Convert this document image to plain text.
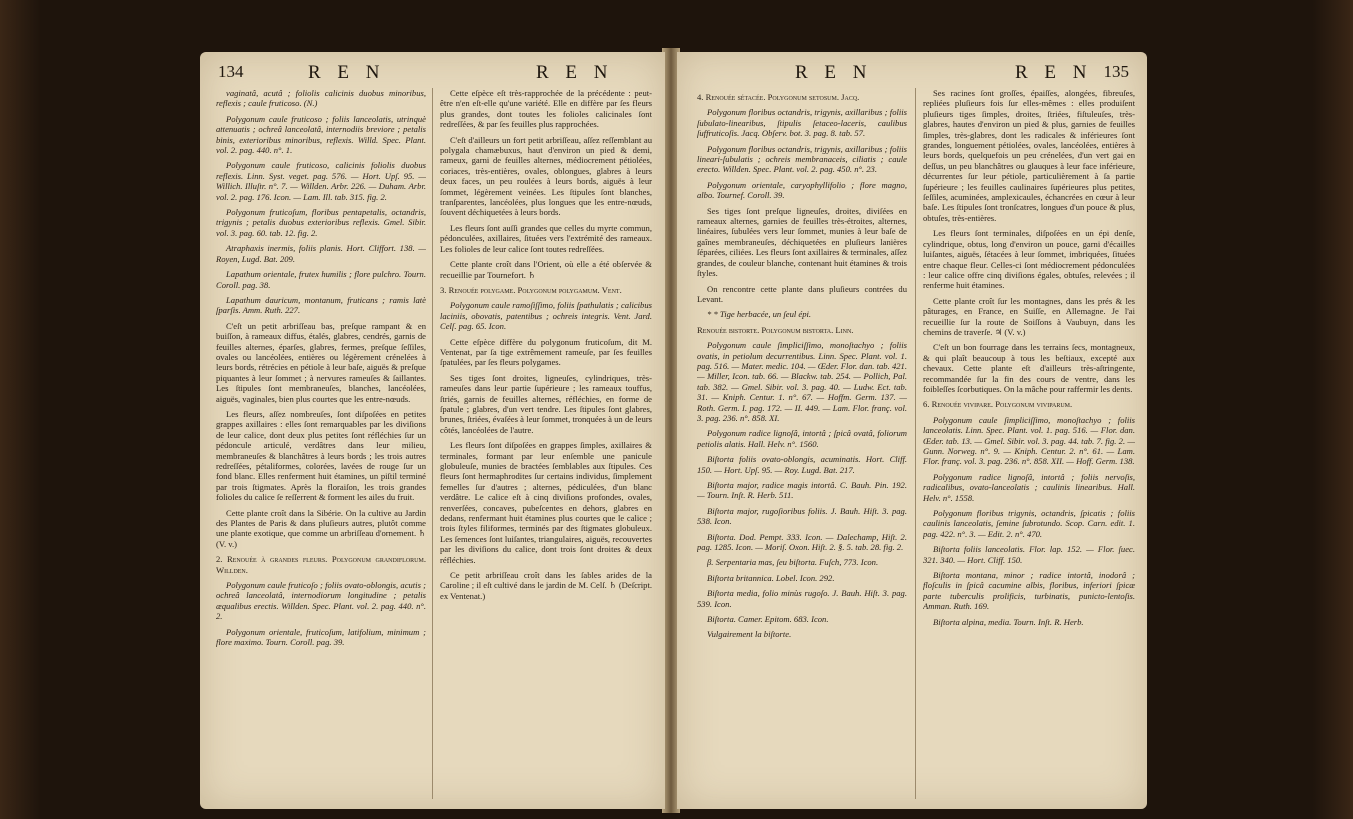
134	R E N	R E N

vaginatâ, acutâ ; foliolis calicinis duobus minoribus, reflexis ; caule fruticoso. (N.)

Polygonum caule fruticoso ; foliis lanceolatis, utrinquè attenuatis ; ochreâ lanceolatâ, internodiis breviore ; petalis binis, exterioribus minoribus, reflexis. Willd. Spec. Plant. vol. 2. pag. 440. n°. 1.

Polygonum caule fruticoso, calicinis foliolis duobus reflexis. Linn. Syst. veget. pag. 576. — Hort. Upſ. 95. — Willich. Illuſtr. n°. 7. — Willden. Arbr. 226. — Duham. Arbr. vol. 2. pag. 176. Icon. — Lam. Ill. tab. 315. fig. 2.

Polygonum fruticoſum, floribus pentapetalis, octandris, trigynis ; petalis duobus exterioribus reflexis. Gmel. Sibir. vol. 3. pag. 60. tab. 12. fig. 2.

Atraphaxis inermis, foliis planis. Hort. Cliffort. 138. — Royen, Lugd. Bat. 209.

Lapathum orientale, frutex humilis ; flore pulchro. Tourn. Coroll. pag. 38.

Lapathum dauricum, montanum, fruticans ; ramis latè ſparſis. Amm. Ruth. 227.

C'eſt un petit arbriſſeau bas, preſque rampant & en buiſſon, à rameaux diffus, étalés, glabres, cendrés, garnis de feuilles alternes, éparſes, glabres, fermes, preſque ſeſſiles, ovales ou lancéolées, entières ou légèrement crénelées à leurs bords, rétrécies en pétiole à leur baſe, aiguës & preſque piquantes à leur ſommet ; à nervures rameuſes & ſaillantes. Les ſtipules ſont membraneuſes, blanches, lancéolées, aiguës, vaginales, bien plus courtes que les entre-nœuds.

Les fleurs, aſſez nombreuſes, ſont diſpoſées en petites grappes axillaires : elles ſont remarquables par les diviſions de leur calice, dont deux plus petites ſont réfléchies ſur un pédoncule articulé, verdâtres dans leur milieu, membraneuſes & blanchâtres à leurs bords ; les trois autres redreſſées, pétaliformes, colorées, lavées de rouge ſur un fond blanc. Elles renferment huit étamines, un piſtil terminé par trois ſtigmates. Après la floraiſon, les trois grandes folioles du calice ſe reſſerrent & forment les ailes du fruit.

Cette plante croît dans la Sibérie. On la cultive au Jardin des Plantes de Paris & dans pluſieurs autres, plutôt comme une plante exotique, que comme un arbriſſeau d'ornement. ♄ (V. v.)

2. Renouée à grandes fleurs. Polygonum grandiflorum. Willden.

Polygonum caule fruticoſo ; foliis ovato-oblongis, acutis ; ochreâ lanceolatâ, internodiorum longitudine ; petalis æqualibus erectis. Willden. Spec. Plant. vol. 2. pag. 440. n°. 2.

Polygonum orientale, fruticoſum, latifolium, minimum ; flore maximo. Tourn. Coroll. pag. 39.

Cette eſpèce eſt très-rapprochée de la précédente : peut-être n'en eſt-elle qu'une variété. Elle en diffère par ſes fleurs plus grandes, dont toutes les folioles calicinales ſont redreſſées, & par ſes feuilles plus rapprochées.

C'eſt d'ailleurs un fort petit arbriſſeau, aſſez reſſemblant au polygala chamæbuxus, haut d'environ un pied & demi, rameux, garni de feuilles alternes, médiocrement pétiolées, coriaces, très-entières, ovales, oblongues, glabres à leurs deux faces, un peu roulées à leurs bords, aiguës à leur ſommet, légèrement veinées. Les ſtipules ſont blanches, tranſparentes, lancéolées, plus longues que les entre-nœuds, ſouvent déchiquetées à leurs bords.

Les fleurs ſont auſſi grandes que celles du myrte commun, pédonculées, axillaires, ſituées vers l'extrémité des rameaux. Les folioles de leur calice ſont toutes redreſſées.

Cette plante croît dans l'Orient, où elle a été obſervée & recueillie par Tournefort. ♄

3. Renouée polygame. Polygonum polygamum. Vent.

Polygonum caule ramoſiſſimo, foliis ſpathulatis ; calicibus laciniis, obovatis, patentibus ; ochreis integris. Vent. Jard. Celſ. pag. 65. Icon.

Cette eſpèce diffère du polygonum fruticoſum, dit M. Ventenat, par ſa tige extrêmement rameuſe, par ſes feuilles ſpatulées, par ſes fleurs polygames.

Ses tiges ſont droites, ligneuſes, cylindriques, très-rameuſes dans leur partie ſupérieure ; les rameaux touffus, ſtriés, garnis de feuilles alternes, réfléchies, en forme de ſpatule ; glabres, d'un vert tendre. Les ſtipules ſont glabres, brunes, ſtriées, évaſées à leur ſommet, tronquées à un de leurs côtés, lancéolées de l'autre.

Les fleurs ſont diſpoſées en grappes ſimples, axillaires & terminales, formant par leur enſemble une panicule globuleuſe, munies de bractées ſemblables aux ſtipules. Ces fleurs ſont hermaphrodites ſur certains individus, ſimplement femelles ſur d'autres ; alternes, pédiculées, d'un blanc verdâtre. Le calice eſt à cinq diviſions profondes, ovales, renverſées, concaves, pubeſcentes en dehors, glabres en dedans, renfermant huit étamines plus courtes que le calice ; trois ſtyles filiformes, terminés par des ſtigmates globuleux. Les ſemences ſont luiſantes, triangulaires, aiguës, recouvertes par les diviſions du calice, dont trois ſont droites & deux réfléchies.

Ce petit arbriſſeau croît dans les ſables arides de la Caroline ; il eſt cultivé dans le jardin de M. Celſ. ♄ (Deſcript. ex Ventenat.)

R E N	R E N 135

4. Renouée ſétacée. Polygonum ſetoſum. Jacq.

Polygonum floribus octandris, trigynis, axillaribus ; foliis ſubulato-linearibus, ſtipulis ſetaceo-laceris, caulibus ſuffruticoſis. Jacq. Obſerv. bot. 3. pag. 8. tab. 57.

Polygonum floribus octandris, trigynis, axillaribus ; foliis lineari-ſubulatis ; ochreis membranaceis, ciliatis ; caule erecto. Willden. Spec. Plant. vol. 2. pag. 450. n°. 23.

Polygonum orientale, caryophyllifolio ; flore magno, albo. Tournef. Coroll. 39.

Ses tiges ſont preſque ligneuſes, droites, diviſées en rameaux alternes, garnies de feuilles très-étroites, alternes, linéaires, ſubulées vers leur ſommet, munies à leur baſe de gaînes membraneuſes, déchiquetées en pluſieurs lanières ſéparées, ciliées. Les fleurs ſont axillaires & terminales, aſſez grandes, de couleur blanche, contenant huit étamines & trois ſtyles.

On rencontre cette plante dans pluſieurs contrées du Levant.

* * Tige herbacée, un ſeul épi.

Renouée biſtorte. Polygonum biſtorta. Linn.

Polygonum caule ſimpliciſſimo, monoſtachyo ; foliis ovatis, in petiolum decurrentibus. Linn. Spec. Plant. vol. 1. pag. 516. — Mater. medic. 104. — Œder. Flor. dan. tab. 421. — Miller, Icon. tab. 66. — Blackw. tab. 254. — Pollich, Pal. tab. 382. — Gmel. Sibir. vol. 3. pag. 40. — Ludw. Ect. tab. 31. — Kniph. Centur. 1. n°. 67. — Hoffm. Germ. 137. — Roth. Germ. I. pag. 172. — II. 449. — Lam. Flor. franç. vol. 3. pag. 236. n°. 858. XI.

Polygonum radice lignoſâ, intortâ ; ſpicâ ovatâ, foliorum petiolis alatis. Hall. Helv. n°. 1560.

Biſtorta foliis ovato-oblongis, acuminatis. Hort. Cliff. 150. — Hort. Upſ. 95. — Roy. Lugd. Bat. 217.

Biſtorta major, radice magis intortâ. C. Bauh. Pin. 192. — Tourn. Inſt. R. Herb. 511.

Biſtorta major, rugoſioribus foliis. J. Bauh. Hiſt. 3. pag. 538. Icon.

Biſtorta. Dod. Pempt. 333. Icon. — Dalechamp, Hiſt. 2. pag. 1285. Icon. — Moriſ. Oxon. Hiſt. 2. §. 5. tab. 28. fig. 2.

β. Serpentaria mas, ſeu biſtorta. Fuſch, 773. Icon.

Biſtorta britannica. Lobel. Icon. 292.

Biſtorta media, folio minùs rugoſo. J. Bauh. Hiſt. 3. pag. 539. Icon.

Biſtorta. Camer. Epitom. 683. Icon.

Vulgairement la biſtorte.

Ses racines ſont groſſes, épaiſſes, alongées, fibreuſes, repliées pluſieurs fois ſur elles-mêmes : elles produiſent pluſieurs tiges ſimples, droites, ſtriées, fiſtuleuſes, très-glabres, hautes d'environ un pied & plus, garnies de feuilles ſimples, très-glabres, dont les radicales & inférieures ſont grandes, longuement pétiolées, ovales, lancéolées, entières à leurs bords, quelquefois un peu crénelées, d'un vert gai en deſſus, un peu blanchâtres ou glauques à leur face inférieure, décurrentes ſur leur pétiole, particulièrement à ſa partie ſupérieure ; les feuilles caulinaires ſupérieures plus petites, ſeſſiles, acuminées, amplexicaules, échancrées en cœur à leur baſe. Les ſtipules ſont tronſcatres, longues d'un pouce & plus, obtuſes, très-entières.

Les fleurs ſont terminales, diſpoſées en un épi denſe, cylindrique, obtus, long d'environ un pouce, garni d'écailles luiſantes, aiguës, ſétacées à leur ſommet, imbriquées, ſituées entre chaque fleur. Celles-ci ſont médiocrement pédonculées : leur calice offre cinq diviſions égales, obtuſes, relevées ; il renferme huit étamines.

Cette plante croît ſur les montagnes, dans les prés & les pâturages, en France, en Suiſſe, en Allemagne. Je l'ai recueillie ſur la route de Soiſſons à Vaubuyn, dans les chemins de traverſe. ♃ (V. v.)

C'eſt un bon fourrage dans les terrains ſecs, montagneux, & qui plaît beaucoup à tous les beſtiaux, excepté aux chevaux. Cette plante eſt d'ailleurs très-aſtringente, recommandée ſur la fin des cours de ventre, dans les foibleſſes ſcorbutiques. On la mâche pour raffermir les dents.

6. Renouée vivipare. Polygonum viviparum.

Polygonum caule ſimpliciſſimo, monoſtachyo ; foliis lanceolatis. Linn. Spec. Plant. vol. 1. pag. 516. — Flor. dan. Œder. tab. 13. — Gmel. Sibir. vol. 3. pag. 44. tab. 7. fig. 2. — Gunn. Norweg. n°. 9. — Kniph. Centur. 2. n°. 61. — Lam. Flor. franç. vol. 3. pag. 236. n°. 858. XII. — Hoff. Germ. 138.

Polygonum radice lignoſâ, intortâ ; foliis nervoſis, radicalibus, ovato-lanceolatis ; caulinis linearibus. Hall. Helv. n°. 1558.

Polygonum floribus trigynis, octandris, ſpicatis ; foliis caulinis lanceolatis, ſemine ſubrotundo. Scop. Carn. edit. 1. pag. 422. n°. 3. — Edit. 2. n°. 470.

Biſtorta foliis lanceolatis. Flor. lap. 152. — Flor. ſuec. 321. 340. — Hort. Cliff. 150.

Biſtorta montana, minor ; radice intortâ, inodorâ ; floſculis in ſpicâ cacumine albis, floribus, inferiori ſpicæ parte tuberculis prolificis, turbinatis, punicto-lentoſis. Amman. Ruth. 169.

Biſtorta alpina, media. Tourn. Inſt. R. Herb.
